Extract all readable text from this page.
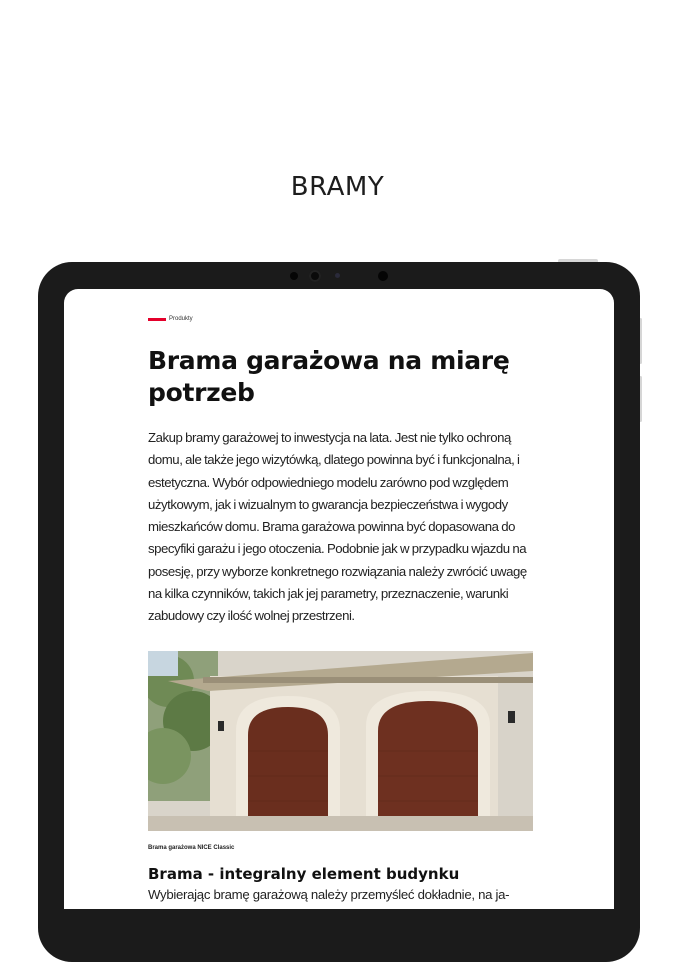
BRAMY
Produkty
Brama garażowa na miarę potrzeb
Zakup bramy garażowej to inwestycja na lata. Jest nie tylko ochroną domu, ale także jego wizytówką, dlatego powinna być i funkcjonalna, i estetyczna. Wybór odpowiedniego modelu zarówno pod względem użytkowym, jak i wizualnym to gwarancja bezpieczeństwa i wygody mieszkańców domu. Brama garażowa powinna być dopasowana do specyfiki garażu i jego otoczenia. Podobnie jak w przypadku wjazdu na posesję, przy wyborze konkretnego rozwiązania należy zwrócić uwagę na kilka czynników, takich jak jej parametry, przeznaczenie, warunki zabudowy czy ilość wolnej przestrzeni.
Brama garażowa NICE Classic
Brama - integralny element budynku
Wybierając bramę garażową należy przemyśleć dokładnie, na ja-
